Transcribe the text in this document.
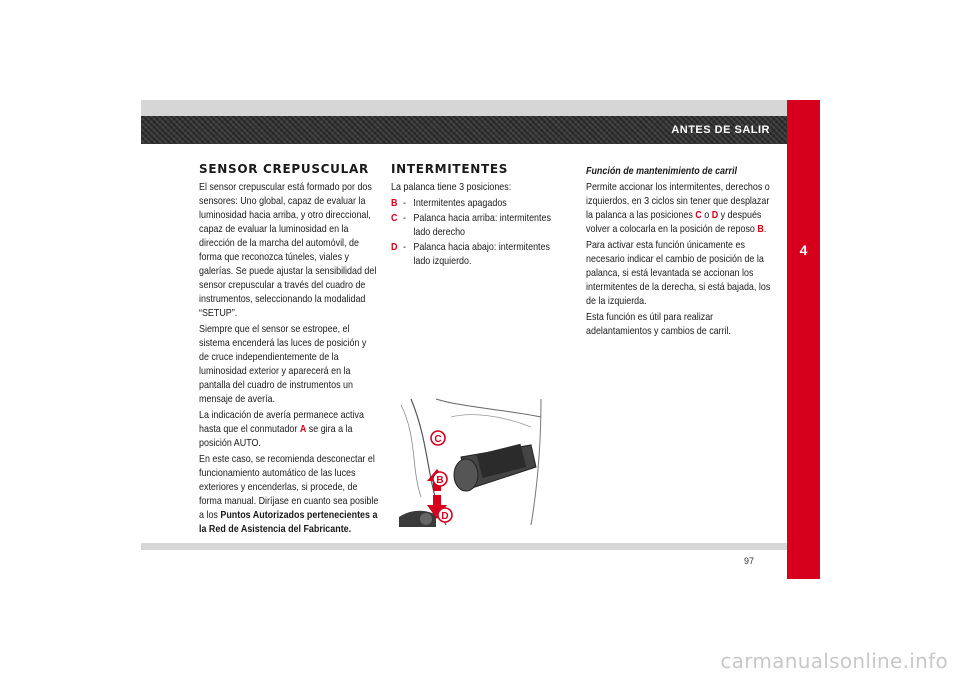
ANTES DE SALIR
4
SENSOR CREPUSCULAR

El sensor crepuscular está formado por dos sensores: Uno global, capaz de evaluar la luminosidad hacia arriba, y otro direccional, capaz de evaluar la luminosidad en la dirección de la marcha del automóvil, de forma que reconozca túneles, viales y galerías. Se puede ajustar la sensibilidad del sensor crepuscular a través del cuadro de instrumentos, seleccionando la modalidad “SETUP”.

Siempre que el sensor se estropee, el sistema encenderá las luces de posición y de cruce independientemente de la luminosidad exterior y aparecerá en la pantalla del cuadro de instrumentos un mensaje de avería.

La indicación de avería permanece activa hasta que el conmutador A se gira a la posición AUTO.

En este caso, se recomienda desconectar el funcionamiento automático de las luces exteriores y encenderlas, si procede, de forma manual. Diríjase en cuanto sea posible a los Puntos Autorizados pertenecientes a la Red de Asistencia del Fabricante.

INTERMITENTES

La palanca tiene 3 posiciones:

B - Intermitentes apagados
C - Palanca hacia arriba: intermitentes lado derecho
D - Palanca hacia abajo: intermitentes lado izquierdo.
C
B
D

Función de mantenimiento de carril

Permite accionar los intermitentes, derechos o izquierdos, en 3 ciclos sin tener que desplazar la palanca a las posiciones C o D y después volver a colocarla en la posición de reposo B.

Para activar esta función únicamente es necesario indicar el cambio de posición de la palanca, si está levantada se accionan los intermitentes de la derecha, si está bajada, los de la izquierda.

Esta función es útil para realizar adelantamientos y cambios de carril.

97
carmanualsonline.info
